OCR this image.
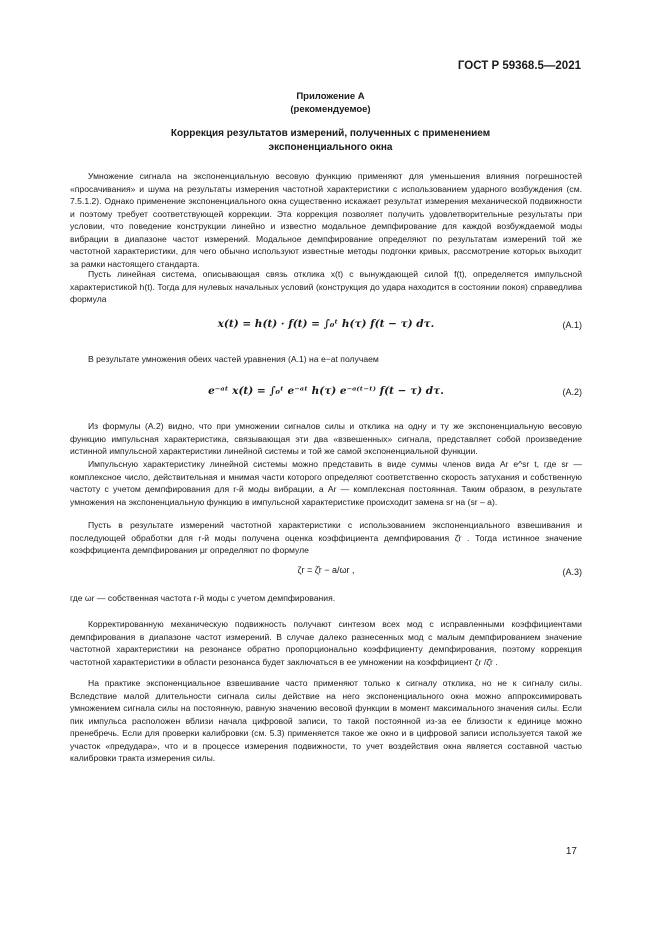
ГОСТ Р 59368.5—2021
Приложение А
(рекомендуемое)
Коррекция результатов измерений, полученных с применением
экспоненциального окна

Умножение сигнала на экспоненциальную весовую функцию применяют для уменьшения влияния погрешностей «просачивания» и шума на результаты измерения частотной характеристики с использованием ударного возбуждения (см. 7.5.1.2). Однако применение экспоненциального окна существенно искажает результат измерения механической подвижности и поэтому требует соответствующей коррекции. Эта коррекция позволяет получить удовлетворительные результаты при условии, что поведение конструкции линейно и известно модальное демпфирование для каждой возбуждаемой моды вибрации в диапазоне частот измерений. Модальное демпфирование определяют по результатам измерений той же частотной характеристики, для чего обычно используют известные методы подгонки кривых, рассмотрение которых выходит за рамки настоящего стандарта.

Пусть линейная система, описывающая связь отклика x(t) с вынуждающей силой f(t), определяется импульсной характеристикой h(t). Тогда для нулевых начальных условий (конструкция до удара находится в состоянии покоя) справедлива формула

x(t) = h(t) · f(t) = ∫₀ᵗ h(τ) f(t − τ) dτ.	(А.1)

В результате умножения обеих частей уравнения (А.1) на e−at получаем

e⁻ᵃᵗ x(t) = ∫₀ᵗ e⁻ᵃᵗ h(τ) e⁻ᵃ⁽ᵗ⁻ᵗ⁾ f(t − τ) dτ.	(А.2)

Из формулы (А.2) видно, что при умножении сигналов силы и отклика на одну и ту же экспоненциальную весовую функцию импульсная характеристика, связывающая эти два «взвешенных» сигнала, представляет собой произведение истинной импульсной характеристики линейной системы и той же самой экспоненциальной функции.

Импульсную характеристику линейной системы можно представить в виде суммы членов вида Ar e^sr t, где sr — комплексное число, действительная и мнимая части которого определяют соответственно скорость затухания и собственную частоту с учетом демпфирования для r-й моды вибрации, а Ar — комплексная постоянная. Таким образом, в результате умножения на экспоненциальную функцию в импульсной характеристике происходит замена sr на (sr – a).

Пусть в результате измерений частотной характеристики с использованием экспоненциального взвешивания и последующей обработки для r-й моды получена оценка коэффициента демпфирования ζ̂r . Тогда истинное значение коэффициента демпфирования μr определяют по формуле

ζr = ζ̂r − a/ωr ,	(А.3)

где ωr — собственная частота r-й моды с учетом демпфирования.

Корректированную механическую подвижность получают синтезом всех мод с исправленными коэффициентами демпфирования в диапазоне частот измерений. В случае далеко разнесенных мод с малым демпфированием значение частотной характеристики на резонансе обратно пропорционально коэффициенту демпфирования, поэтому коррекция частотной характеристики в области резонанса будет заключаться в ее умножении на коэффициент ζr /ζ̂r .

На практике экспоненциальное взвешивание часто применяют только к сигналу отклика, но не к сигналу силы. Вследствие малой длительности сигнала силы действие на него экспоненциального окна можно аппроксимировать умножением сигнала силы на постоянную, равную значению весовой функции в момент максимального значения силы. Если пик импульса расположен вблизи начала цифровой записи, то такой постоянной из-за ее близости к единице можно пренебречь. Если для проверки калибровки (см. 5.3) применяется такое же окно и в цифровой записи используется такой же участок «предудара», что и в процессе измерения подвижности, то учет воздействия окна является составной частью калибровки тракта измерения силы.

17
